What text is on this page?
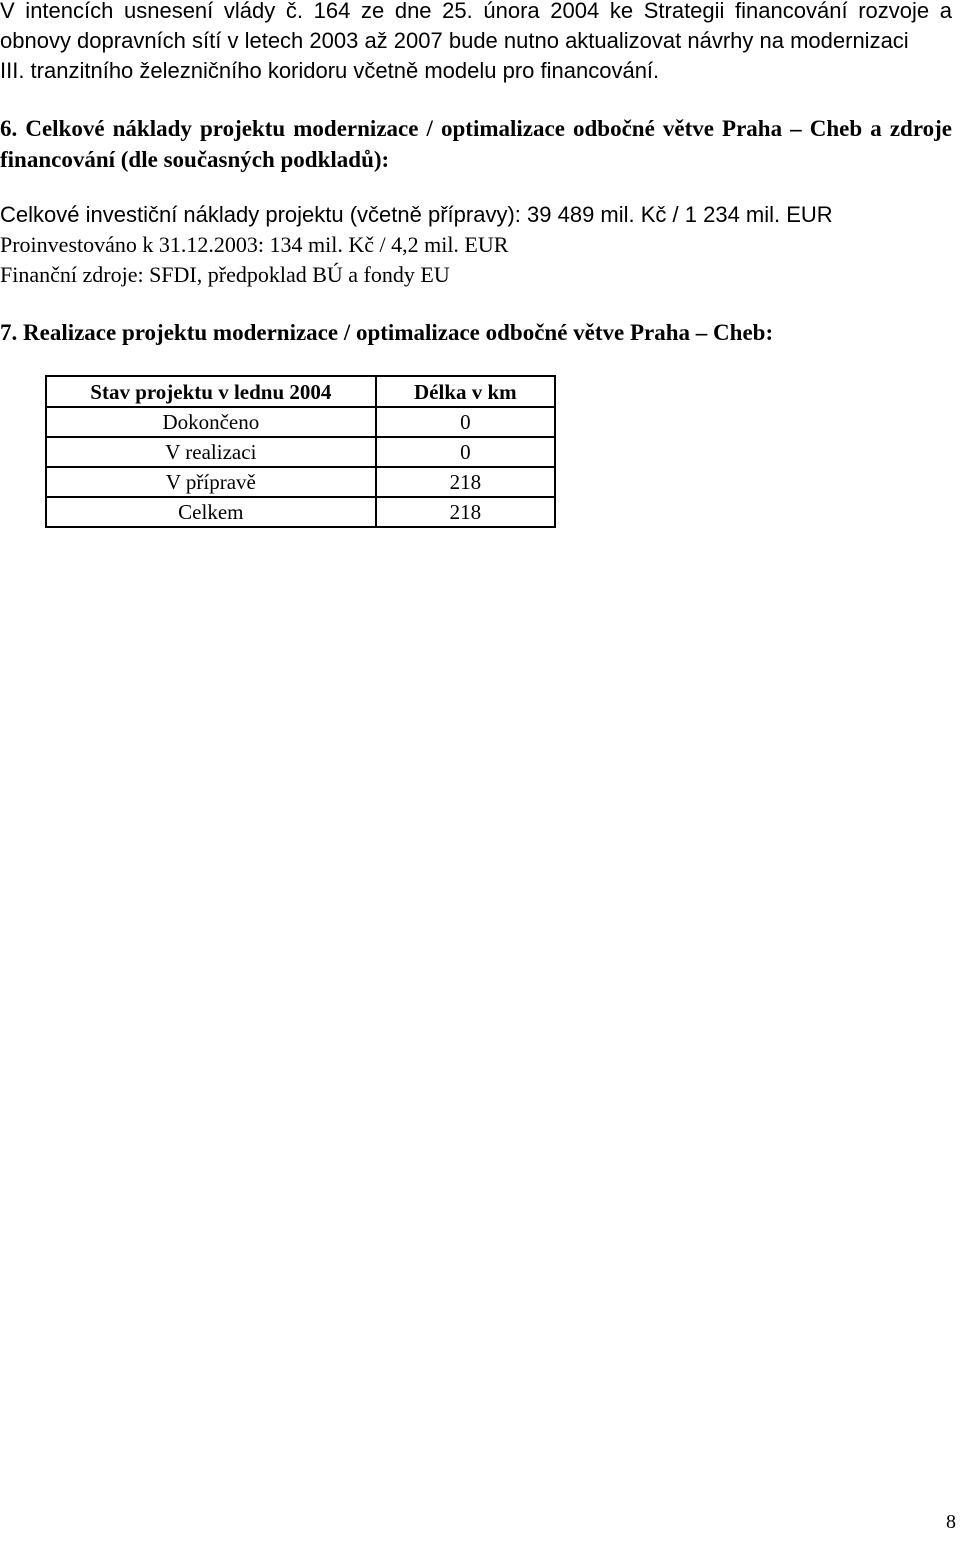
V intencích usnesení vlády č. 164 ze dne 25. února 2004 ke Strategii financování rozvoje a obnovy dopravních sítí v letech 2003 až 2007 bude nutno aktualizovat návrhy na modernizaci
III. tranzitního železničního koridoru včetně modelu pro financování.

6. Celkové náklady projektu modernizace / optimalizace odbočné větve Praha – Cheb a zdroje financování (dle současných podkladů):

Celkové investiční náklady projektu (včetně přípravy): 39 489 mil. Kč / 1 234 mil. EUR
Proinvestováno k 31.12.2003: 134 mil. Kč / 4,2 mil. EUR
Finanční zdroje: SFDI, předpoklad BÚ a fondy EU

7. Realizace projektu modernizace / optimalizace odbočné větve Praha – Cheb:

Stav projektu v lednu 2004	Délka v km
Dokončeno	0
V realizaci	0
V přípravě	218
Celkem	218
8
